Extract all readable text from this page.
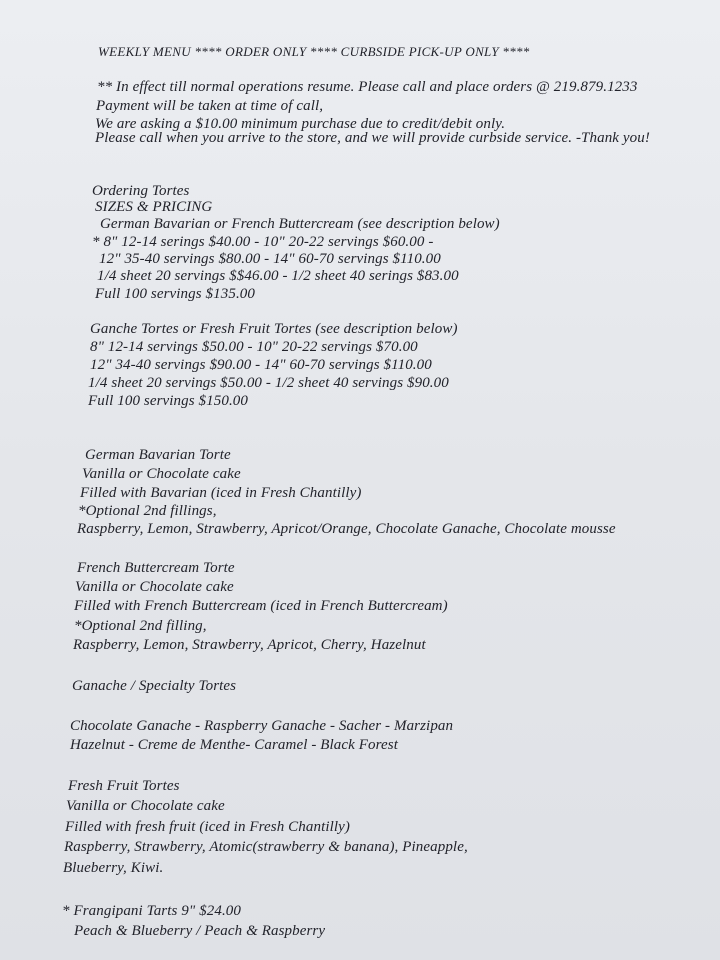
WEEKLY MENU **** ORDER ONLY **** CURBSIDE PICK-UP ONLY ****
** In effect till normal operations resume. Please call and place orders @ 219.879.1233
Payment will be taken at time of call,
We are asking a $10.00 minimum purchase due to credit/debit only.
Please call when you arrive to the store, and we will provide curbside service. -Thank you!
Ordering Tortes
SIZES & PRICING
German Bavarian or French Buttercream (see description below)
* 8" 12-14 serings $40.00 - 10" 20-22 servings $60.00 -
12" 35-40 servings $80.00 - 14" 60-70 servings $110.00
1/4 sheet 20 servings $$46.00 - 1/2 sheet 40 serings $83.00
Full 100 servings $135.00
Ganche Tortes or Fresh Fruit Tortes (see description below)
8" 12-14 servings $50.00 - 10" 20-22 servings $70.00
12" 34-40 servings $90.00 - 14" 60-70 servings $110.00
1/4 sheet 20 servings $50.00 - 1/2 sheet 40 servings $90.00
Full 100 servings $150.00
German Bavarian Torte
Vanilla or Chocolate cake
Filled with Bavarian (iced in Fresh Chantilly)
*Optional 2nd fillings,
Raspberry, Lemon, Strawberry, Apricot/Orange, Chocolate Ganache, Chocolate mousse
French Buttercream Torte
Vanilla or Chocolate cake
Filled with French Buttercream (iced in French Buttercream)
*Optional 2nd filling,
Raspberry, Lemon, Strawberry, Apricot, Cherry, Hazelnut
Ganache / Specialty Tortes
Chocolate Ganache - Raspberry Ganache - Sacher - Marzipan
Hazelnut - Creme de Menthe- Caramel - Black Forest
Fresh Fruit Tortes
Vanilla or Chocolate cake
Filled with fresh fruit (iced in Fresh Chantilly)
Raspberry, Strawberry, Atomic(strawberry & banana), Pineapple,
Blueberry, Kiwi.
* Frangipani Tarts 9" $24.00
Peach & Blueberry / Peach & Raspberry
